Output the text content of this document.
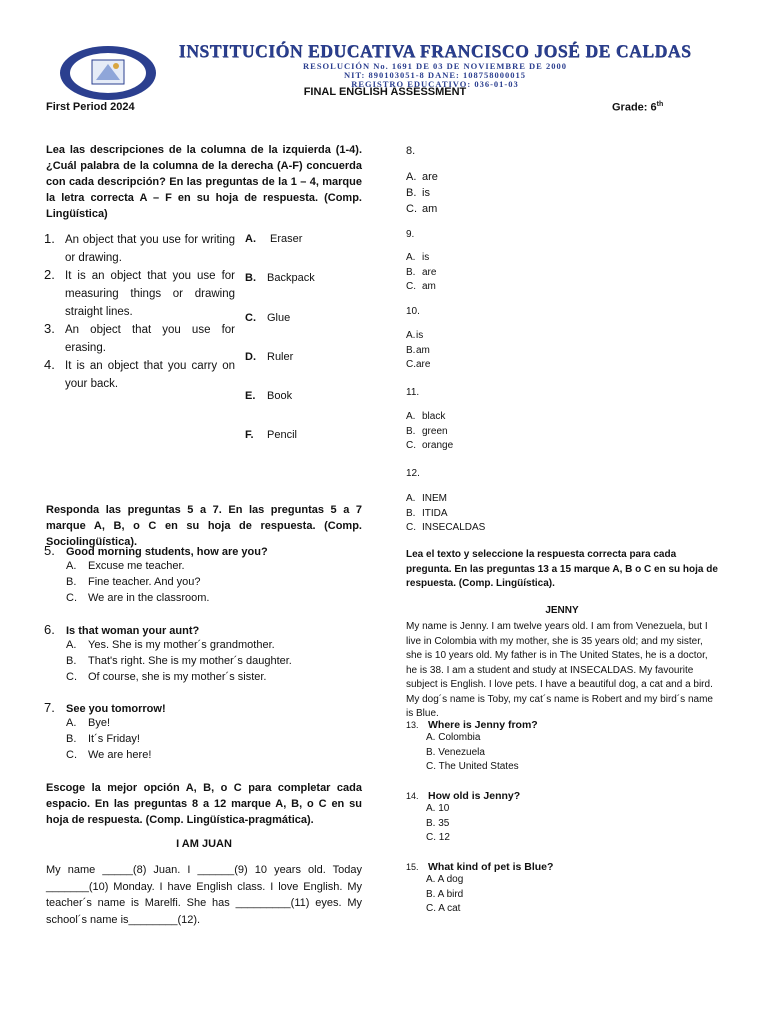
INSTITUCIÓN EDUCATIVA FRANCISCO JOSÉ DE CALDAS
RESOLUCIÓN No. 1691 DE 03 DE NOVIEMBRE DE 2000
NIT: 890103051-8 DANE: 108758000015
REGISTRO EDUCATIVO: 036-01-03
FINAL ENGLISH ASSESSMENT
First Period 2024	Grade: 6th
Lea las descripciones de la columna de la izquierda (1-4). ¿Cuál palabra de la columna de la derecha (A-F) concuerda con cada descripción? En las preguntas de la 1 – 4, marque la letra correcta A – F en su hoja de respuesta. (Comp. Lingüística)
1. An object that you use for writing or drawing.
2. It is an object that you use for measuring things or drawing straight lines.
3. An object that you use for erasing.
4. It is an object that you carry on your back.
A. Eraser
B. Backpack
C. Glue
D. Ruler
E. Book
F. Pencil
Responda las preguntas 5 a 7. En las preguntas 5 a 7 marque A, B, o C en su hoja de respuesta. (Comp. Sociolingüística).
5. Good morning students, how are you?
A. Excuse me teacher.
B. Fine teacher. And you?
C. We are in the classroom.
6. Is that woman your aunt?
A. Yes. She is my mother´s grandmother.
B. That's right. She is my mother´s daughter.
C. Of course, she is my mother´s sister.
7. See you tomorrow!
A. Bye!
B. It´s Friday!
C. We are here!
Escoge la mejor opción A, B, o C para completar cada espacio. En las preguntas 8 a 12 marque A, B, o C en su hoja de respuesta. (Comp. Lingüística-pragmática).
I AM JUAN
My name _____(8) Juan. I ______(9) 10 years old. Today _______(10) Monday. I have English class. I love English. My teacher´s name is Marelfi. She has _________(11) eyes. My school´s name is________(12).
8.
A. are
B. is
C. am
9.
A. is
B. are
C. am
10.
A.is
B.am
C.are
11.
A. black
B. green
C. orange
12.
A. INEM
B. ITIDA
C. INSECALDAS
Lea el texto y seleccione la respuesta correcta para cada pregunta. En las preguntas 13 a 15 marque A, B o C en su hoja de respuesta. (Comp. Lingüística).
JENNY
My name is Jenny. I am twelve years old. I am from Venezuela, but I live in Colombia with my mother, she is 35 years old; and my sister, she is 10 years old. My father is in The United States, he is a doctor, he is 38. I am a student and study at INSECALDAS. My favourite subject is English. I love pets. I have a beautiful dog, a cat and a bird. My dog´s name is Toby, my cat´s name is Robert and my bird´s name is Blue.
13. Where is Jenny from?
A. Colombia
B. Venezuela
C. The United States
14. How old is Jenny?
A. 10
B. 35
C. 12
15. What kind of pet is Blue?
A. A dog
B. A bird
C. A cat
